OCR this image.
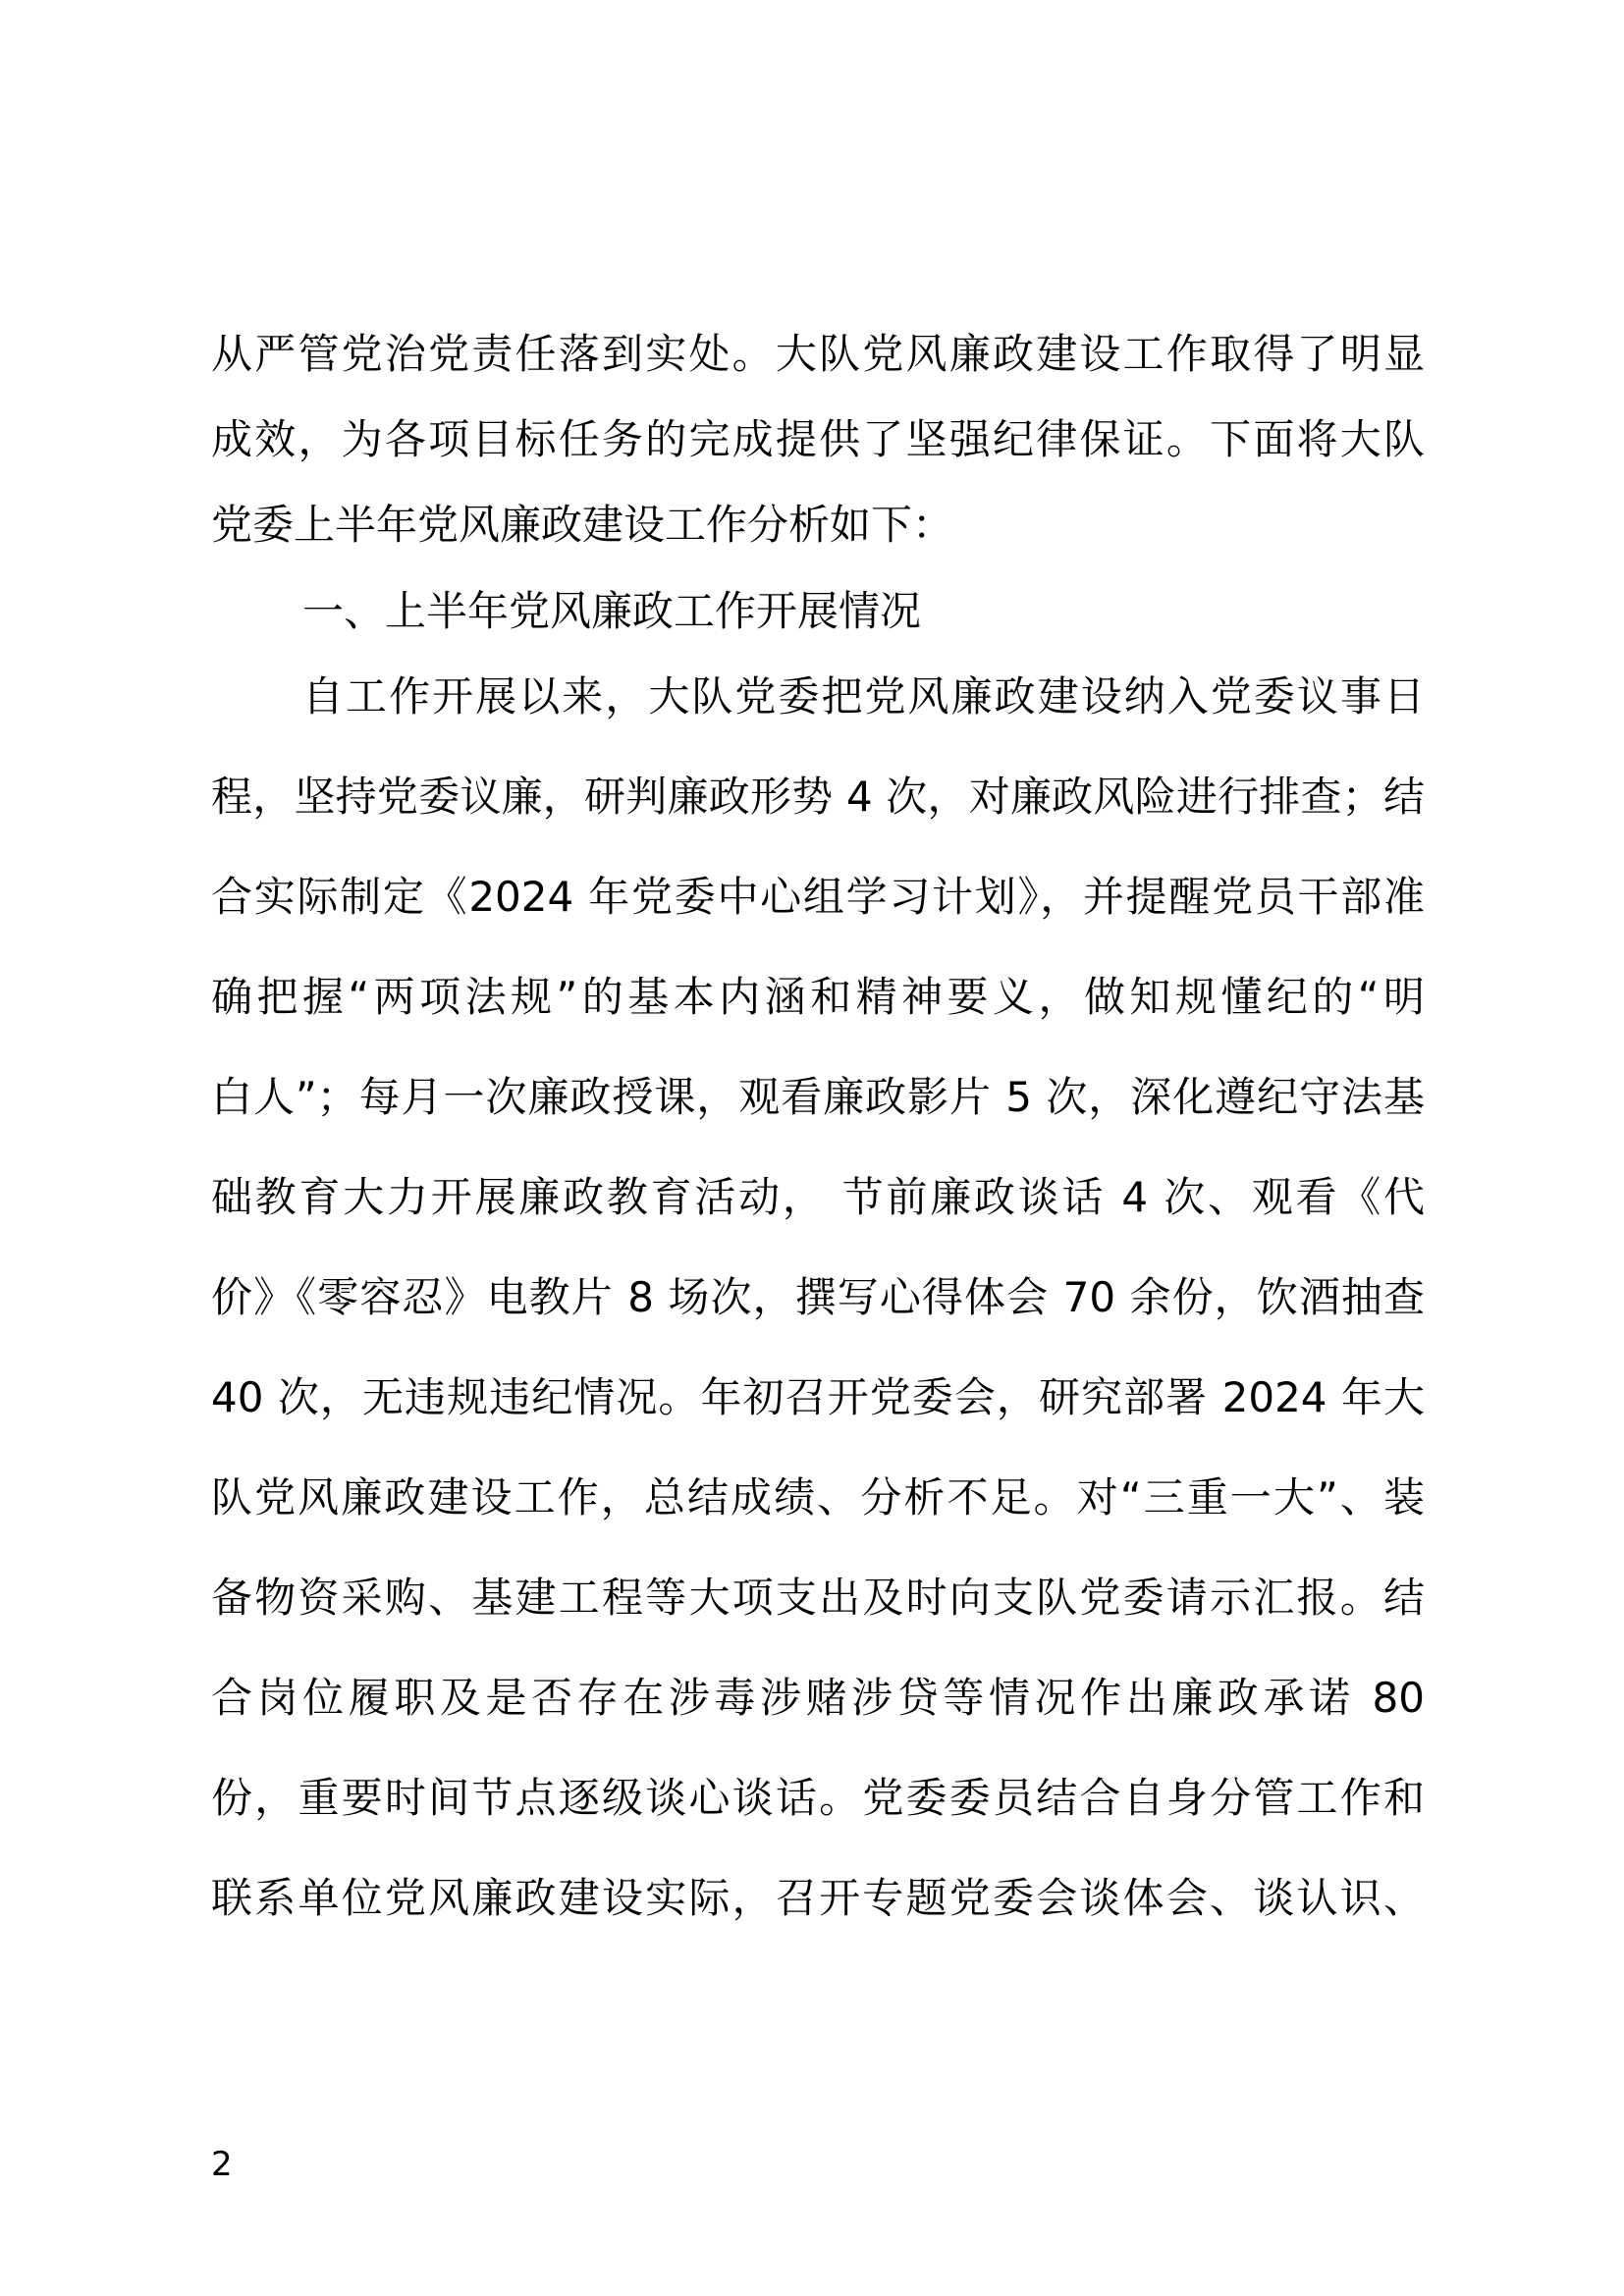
从严管党治党责任落到实处。大队党风廉政建设工作取得了明显
成效，为各项目标任务的完成提供了坚强纪律保证。下面将大队
党委上半年党风廉政建设工作分析如下：
一、上半年党风廉政工作开展情况
自工作开展以来，大队党委把党风廉政建设纳入党委议事日
程，坚持党委议廉，研判廉政形势 4 次，对廉政风险进行排查；结
合实际制定《2024 年党委中心组学习计划》，并提醒党员干部准
确把握“两项法规”的基本内涵和精神要义，做知规懂纪的“明
白人”；每月一次廉政授课，观看廉政影片 5 次，深化遵纪守法基
础教育大力开展廉政教育活动， 节前廉政谈话 4 次、观看《代
价》《零容忍》电教片 8 场次，撰写心得体会 70 余份，饮酒抽查
40 次，无违规违纪情况。年初召开党委会，研究部署 2024 年大
队党风廉政建设工作，总结成绩、分析不足。对“三重一大”、装
备物资采购、基建工程等大项支出及时向支队党委请示汇报。结
合岗位履职及是否存在涉毒涉赌涉贷等情况作出廉政承诺 80
份，重要时间节点逐级谈心谈话。党委委员结合自身分管工作和
联系单位党风廉政建设实际，召开专题党委会谈体会、谈认识、
2
